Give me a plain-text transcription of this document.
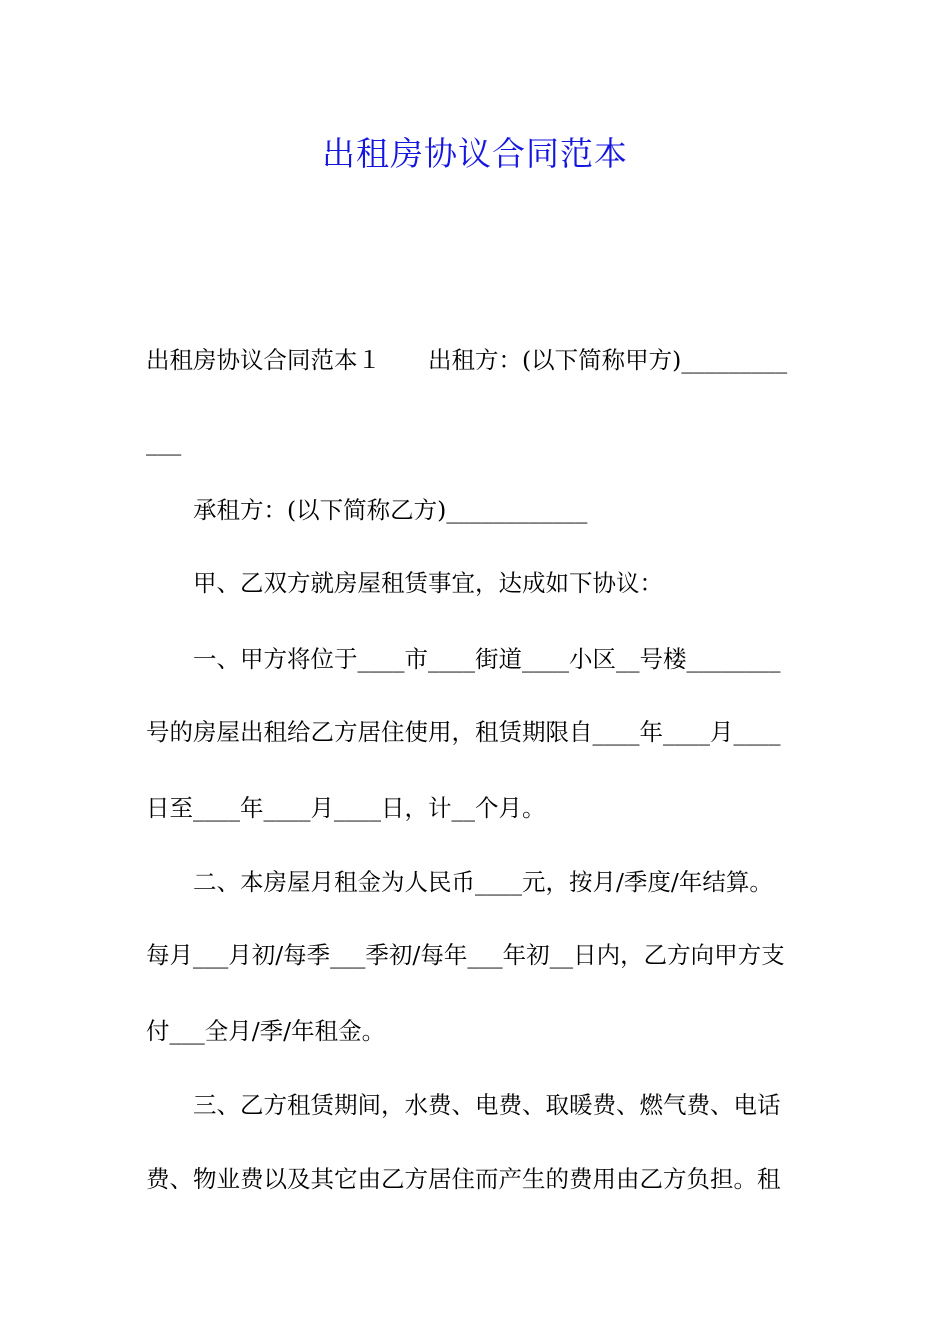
出租房协议合同范本
出租房协议合同范本１　　出租方：(以下简称甲方)_________
___
承租方：(以下简称乙方)____________
甲、乙双方就房屋租赁事宜，达成如下协议：
一、甲方将位于____市____街道____小区__号楼________
号的房屋出租给乙方居住使用，租赁期限自____年____月____
日至____年____月____日，计__个月。
二、本房屋月租金为人民币____元，按月/季度/年结算。
每月___月初/每季___季初/每年___年初__日内，乙方向甲方支
付___全月/季/年租金。
三、乙方租赁期间，水费、电费、取暖费、燃气费、电话
费、物业费以及其它由乙方居住而产生的费用由乙方负担。租
